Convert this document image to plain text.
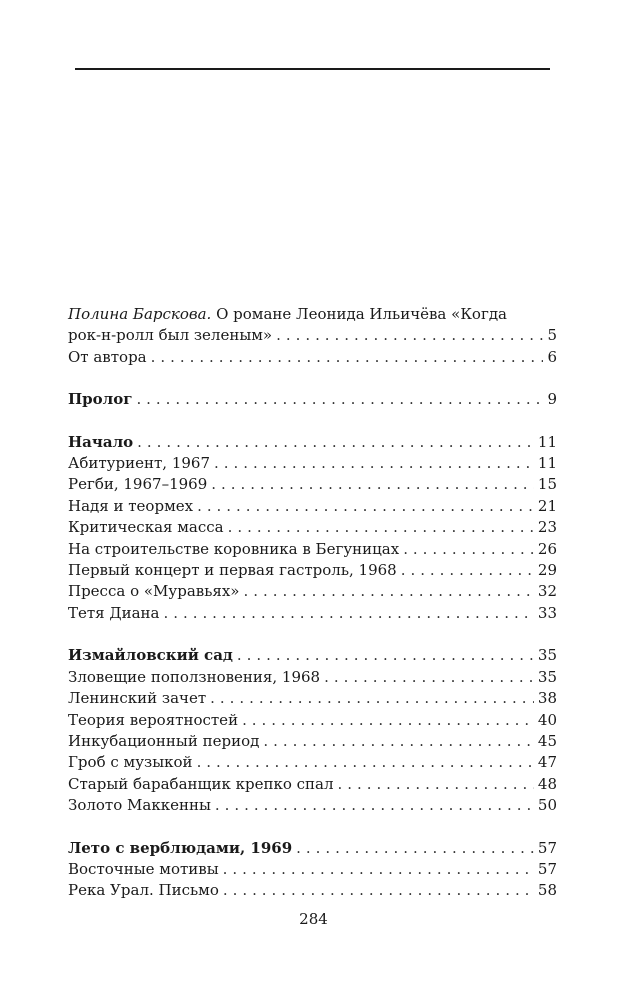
Полина Барскова. О романе Леонида Ильичёва «Когда
рок-н-ролл был зеленым» . . .	5
От автора . . .	6
Пролог . . .	9
Начало . . .	11
Абитуриент, 1967 . . .	11
Регби, 1967–1969 . . .	15
Надя и теормех . . .	21
Критическая масса . . .	23
На строительстве коровника в Бегуницах . . .	26
Первый концерт и первая гастроль, 1968 . . .	29
Пресса о «Муравьях» . . .	32
Тетя Диана . . .	33
Измайловский сад . . .	35
Зловещие поползновения, 1968 . . .	35
Ленинский зачет . . .	38
Теория вероятностей . . .	40
Инкубационный период . . .	45
Гроб с музыкой . . .	47
Старый барабанщик крепко спал . . .	48
Золото Маккенны . . .	50
Лето с верблюдами, 1969 . . .	57
Восточные мотивы . . .	57
Река Урал. Письмо . . .	58
284
